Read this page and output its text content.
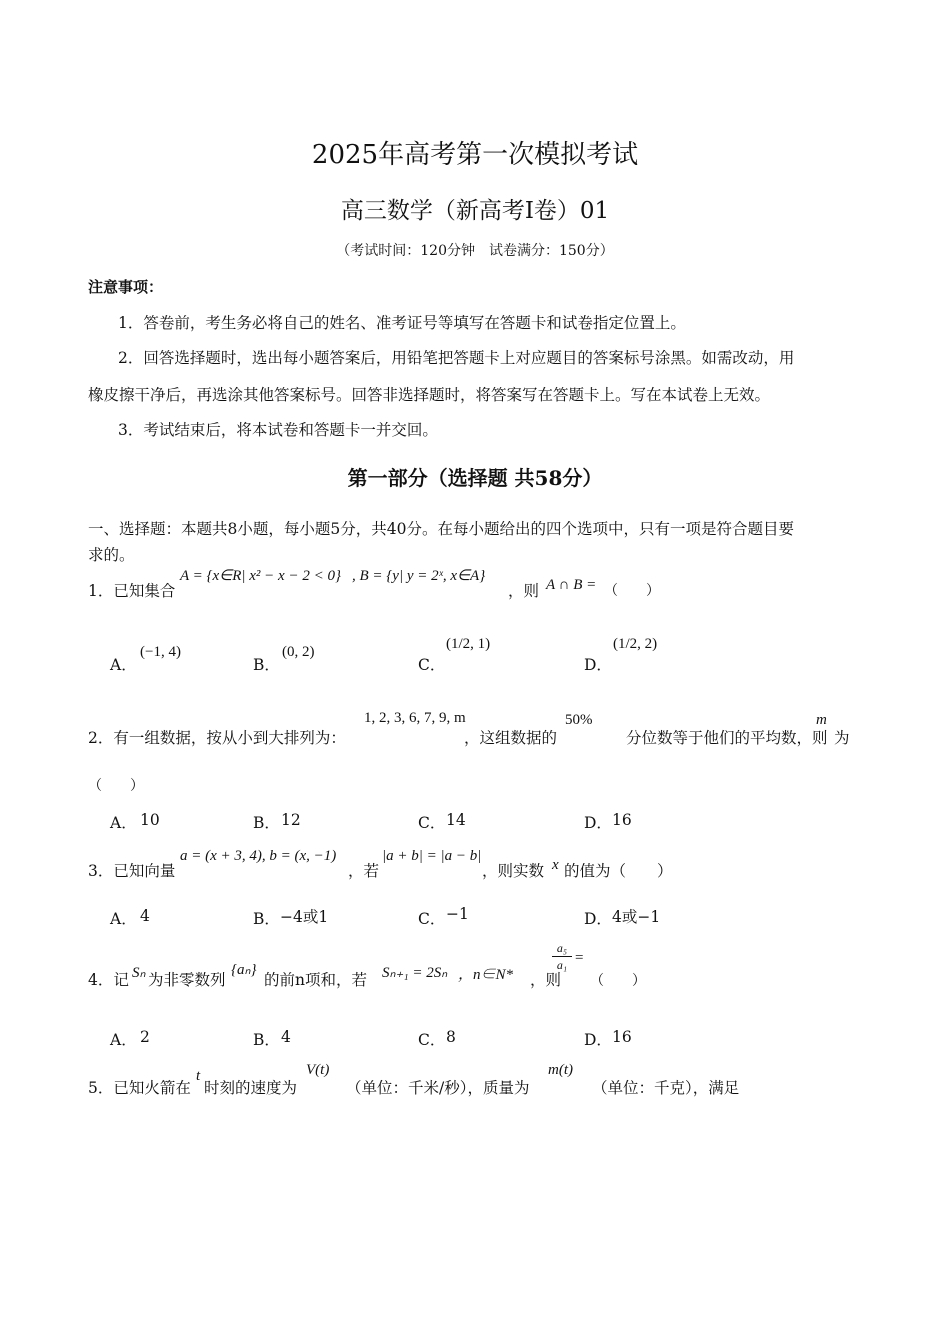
2025年高考第一次模拟考试
高三数学（新高考Ⅰ卷）01
（考试时间：120分钟　试卷满分：150分）
注意事项：
1．答卷前，考生务必将自己的姓名、准考证号等填写在答题卡和试卷指定位置上。
2．回答选择题时，选出每小题答案后，用铅笔把答题卡上对应题目的答案标号涂黑。如需改动，用
橡皮擦干净后，再选涂其他答案标号。回答非选择题时，将答案写在答题卡上。写在本试卷上无效。
3．考试结束后，将本试卷和答题卡一并交回。
第一部分（选择题 共58分）
一、选择题：本题共8小题，每小题5分，共40分。在每小题给出的四个选项中，只有一项是符合题目要
求的。
1．已知集合
A = {x∈R| x² − x − 2 < 0} , B = {y| y = 2ˣ, x∈A}
，则 A ∩ B = （　　）
A．
(−1, 4)
B．
(0, 2)
C．
(1/2, 1)
D．
(1/2, 2)
2．有一组数据，按从小到大排列为：
1, 2, 3, 6, 7, 9, m
，这组数据的
50%
分位数等于他们的平均数，则
m
为
（　　）
A． 10	B． 12	C． 14	D． 16
3．已知向量
a = (x + 3, 4), b = (x, −1)
，若
|a + b| = |a − b|
，则实数 x 的值为（　　）
A． 4	B． −4或1	C． −1	D． 4或−1
4．记 Sₙ 为非零数列
{aₙ}
的前n项和，若 Sₙ₊₁ = 2Sₙ ，n∈N* ，则
$\frac{\text{a₅}}{\text{a₁}}$ =
（　　）
A． 2	B． 4	C． 8	D． 16
5．已知火箭在
t
时刻的速度为
V(t)
（单位：千米/秒），质量为
m(t)
（单位：千克），满足
